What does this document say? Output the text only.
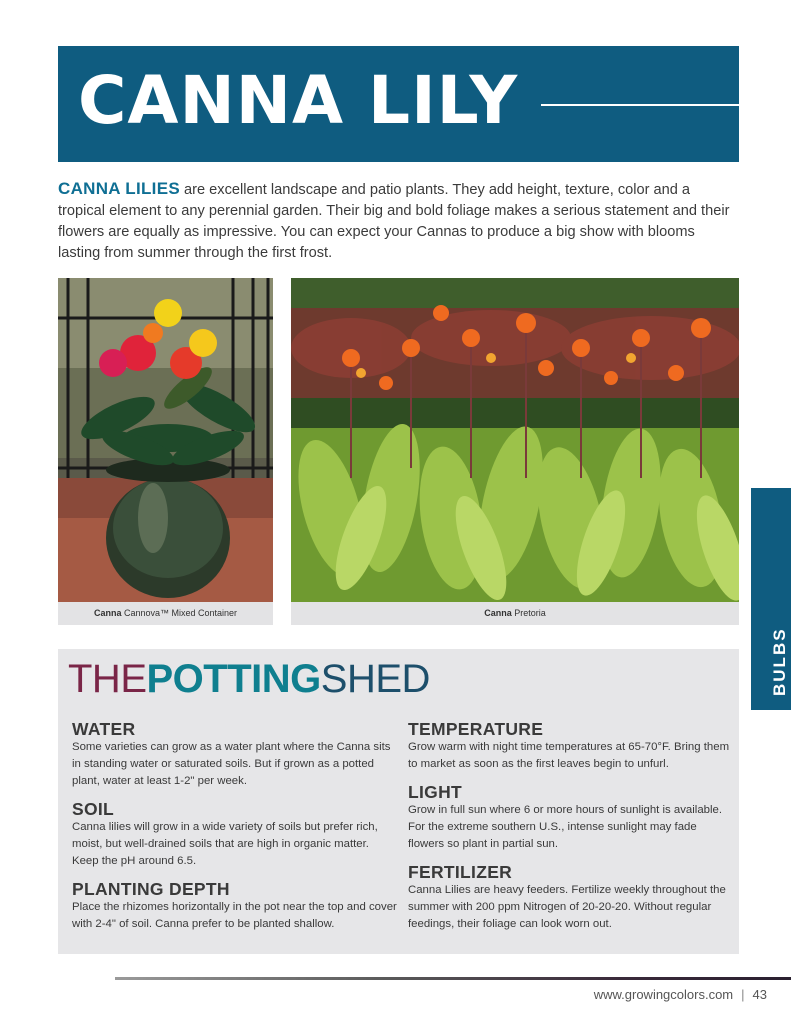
CANNA LILY
CANNA LILIES are excellent landscape and patio plants. They add height, texture, color and a tropical element to any perennial garden. Their big and bold foliage makes a serious statement and their flowers are equally as impressive. You can expect your Cannas to produce a big show with blooms lasting from summer through the first frost.
Canna Cannova™ Mixed Container	Canna Pretoria
BULBS
THEPOTTINGSHED
WATER

Some varieties can grow as a water plant where the Canna sits in standing water or saturated soils. But if grown as a potted plant, water at least 1-2" per week.

SOIL

Canna lilies will grow in a wide variety of soils but prefer rich, moist, but well-drained soils that are high in organic matter. Keep the pH around 6.5.

PLANTING DEPTH

Place the rhizomes horizontally in the pot near the top and cover with 2-4" of soil. Canna prefer to be planted shallow.

TEMPERATURE

Grow warm with night time temperatures at 65-70°F. Bring them to market as soon as the first leaves begin to unfurl.

LIGHT

Grow in full sun where 6 or more hours of sunlight is available. For the extreme southern U.S., intense sunlight may fade flowers so plant in partial sun.

FERTILIZER

Canna Lilies are heavy feeders. Fertilize weekly throughout the summer with 200 ppm Nitrogen of 20-20-20. Without regular feedings, their foliage can look worn out.

www.growingcolors.com | 43
